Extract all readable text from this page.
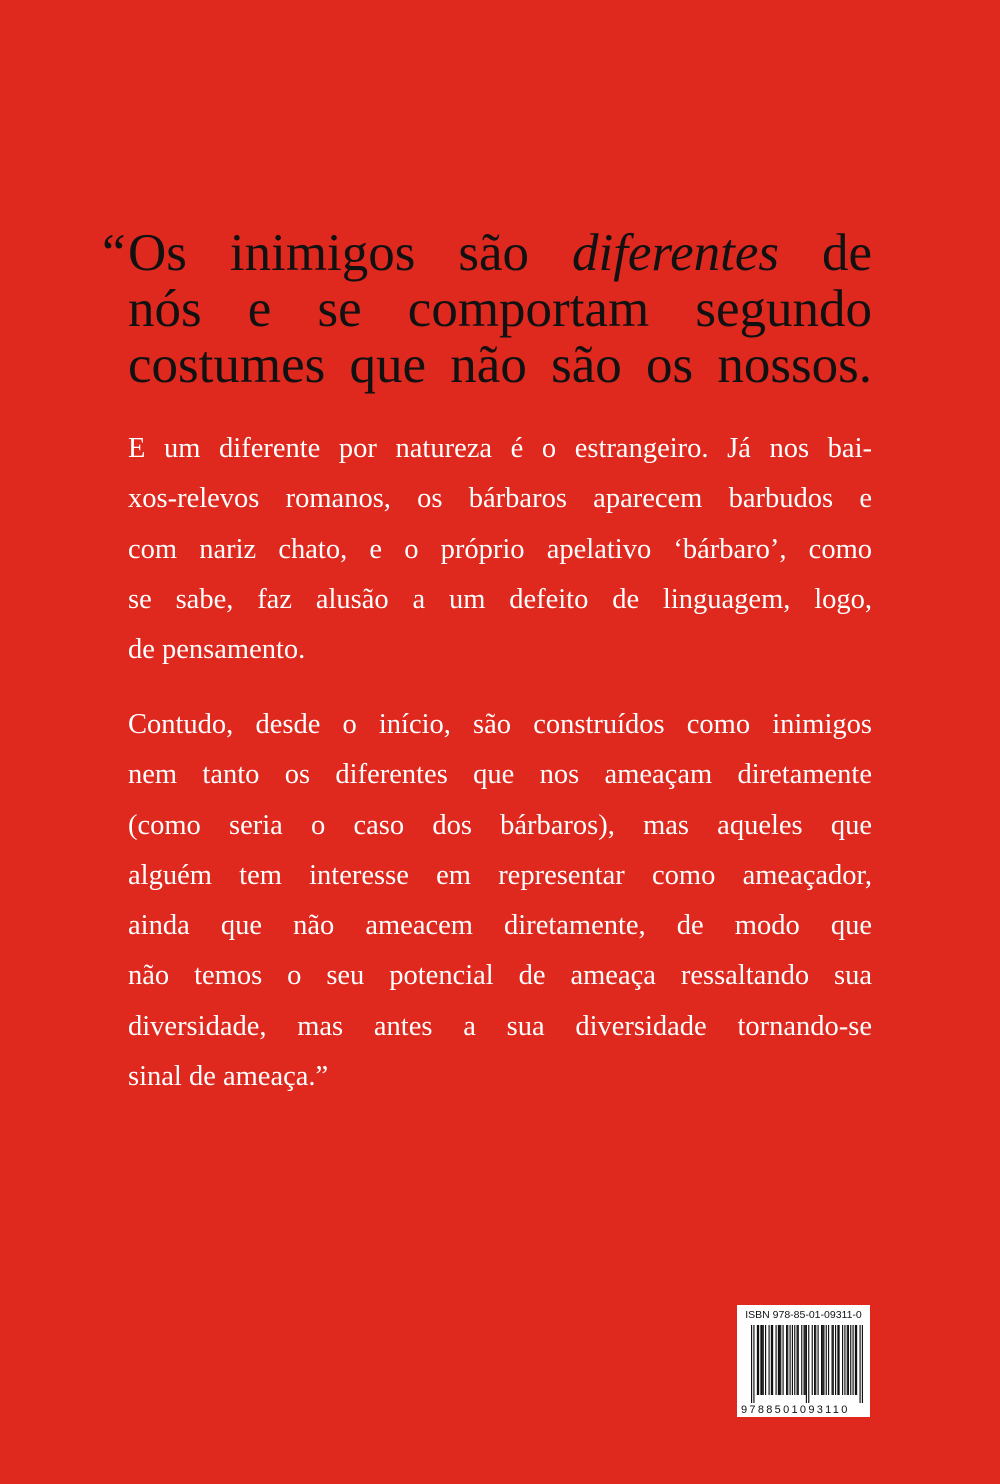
“ Os inimigos são diferentes de
nós e se comportam segundo
costumes que não são os nossos.
E um diferente por natureza é o estrangeiro. Já nos bai-
xos-relevos romanos, os bárbaros aparecem barbudos e
com nariz chato, e o próprio apelativo ‘bárbaro’, como
se sabe, faz alusão a um defeito de linguagem, logo,
de pensamento.
Contudo, desde o início, são construídos como inimigos
nem tanto os diferentes que nos ameaçam diretamente
(como seria o caso dos bárbaros), mas aqueles que
alguém tem interesse em representar como ameaçador,
ainda que não ameacem diretamente, de modo que
não temos o seu potencial de ameaça ressaltando sua
diversidade, mas antes a sua diversidade tornando-se
sinal de ameaça.”
ISBN 978-85-01-09311-0
9788501093110
